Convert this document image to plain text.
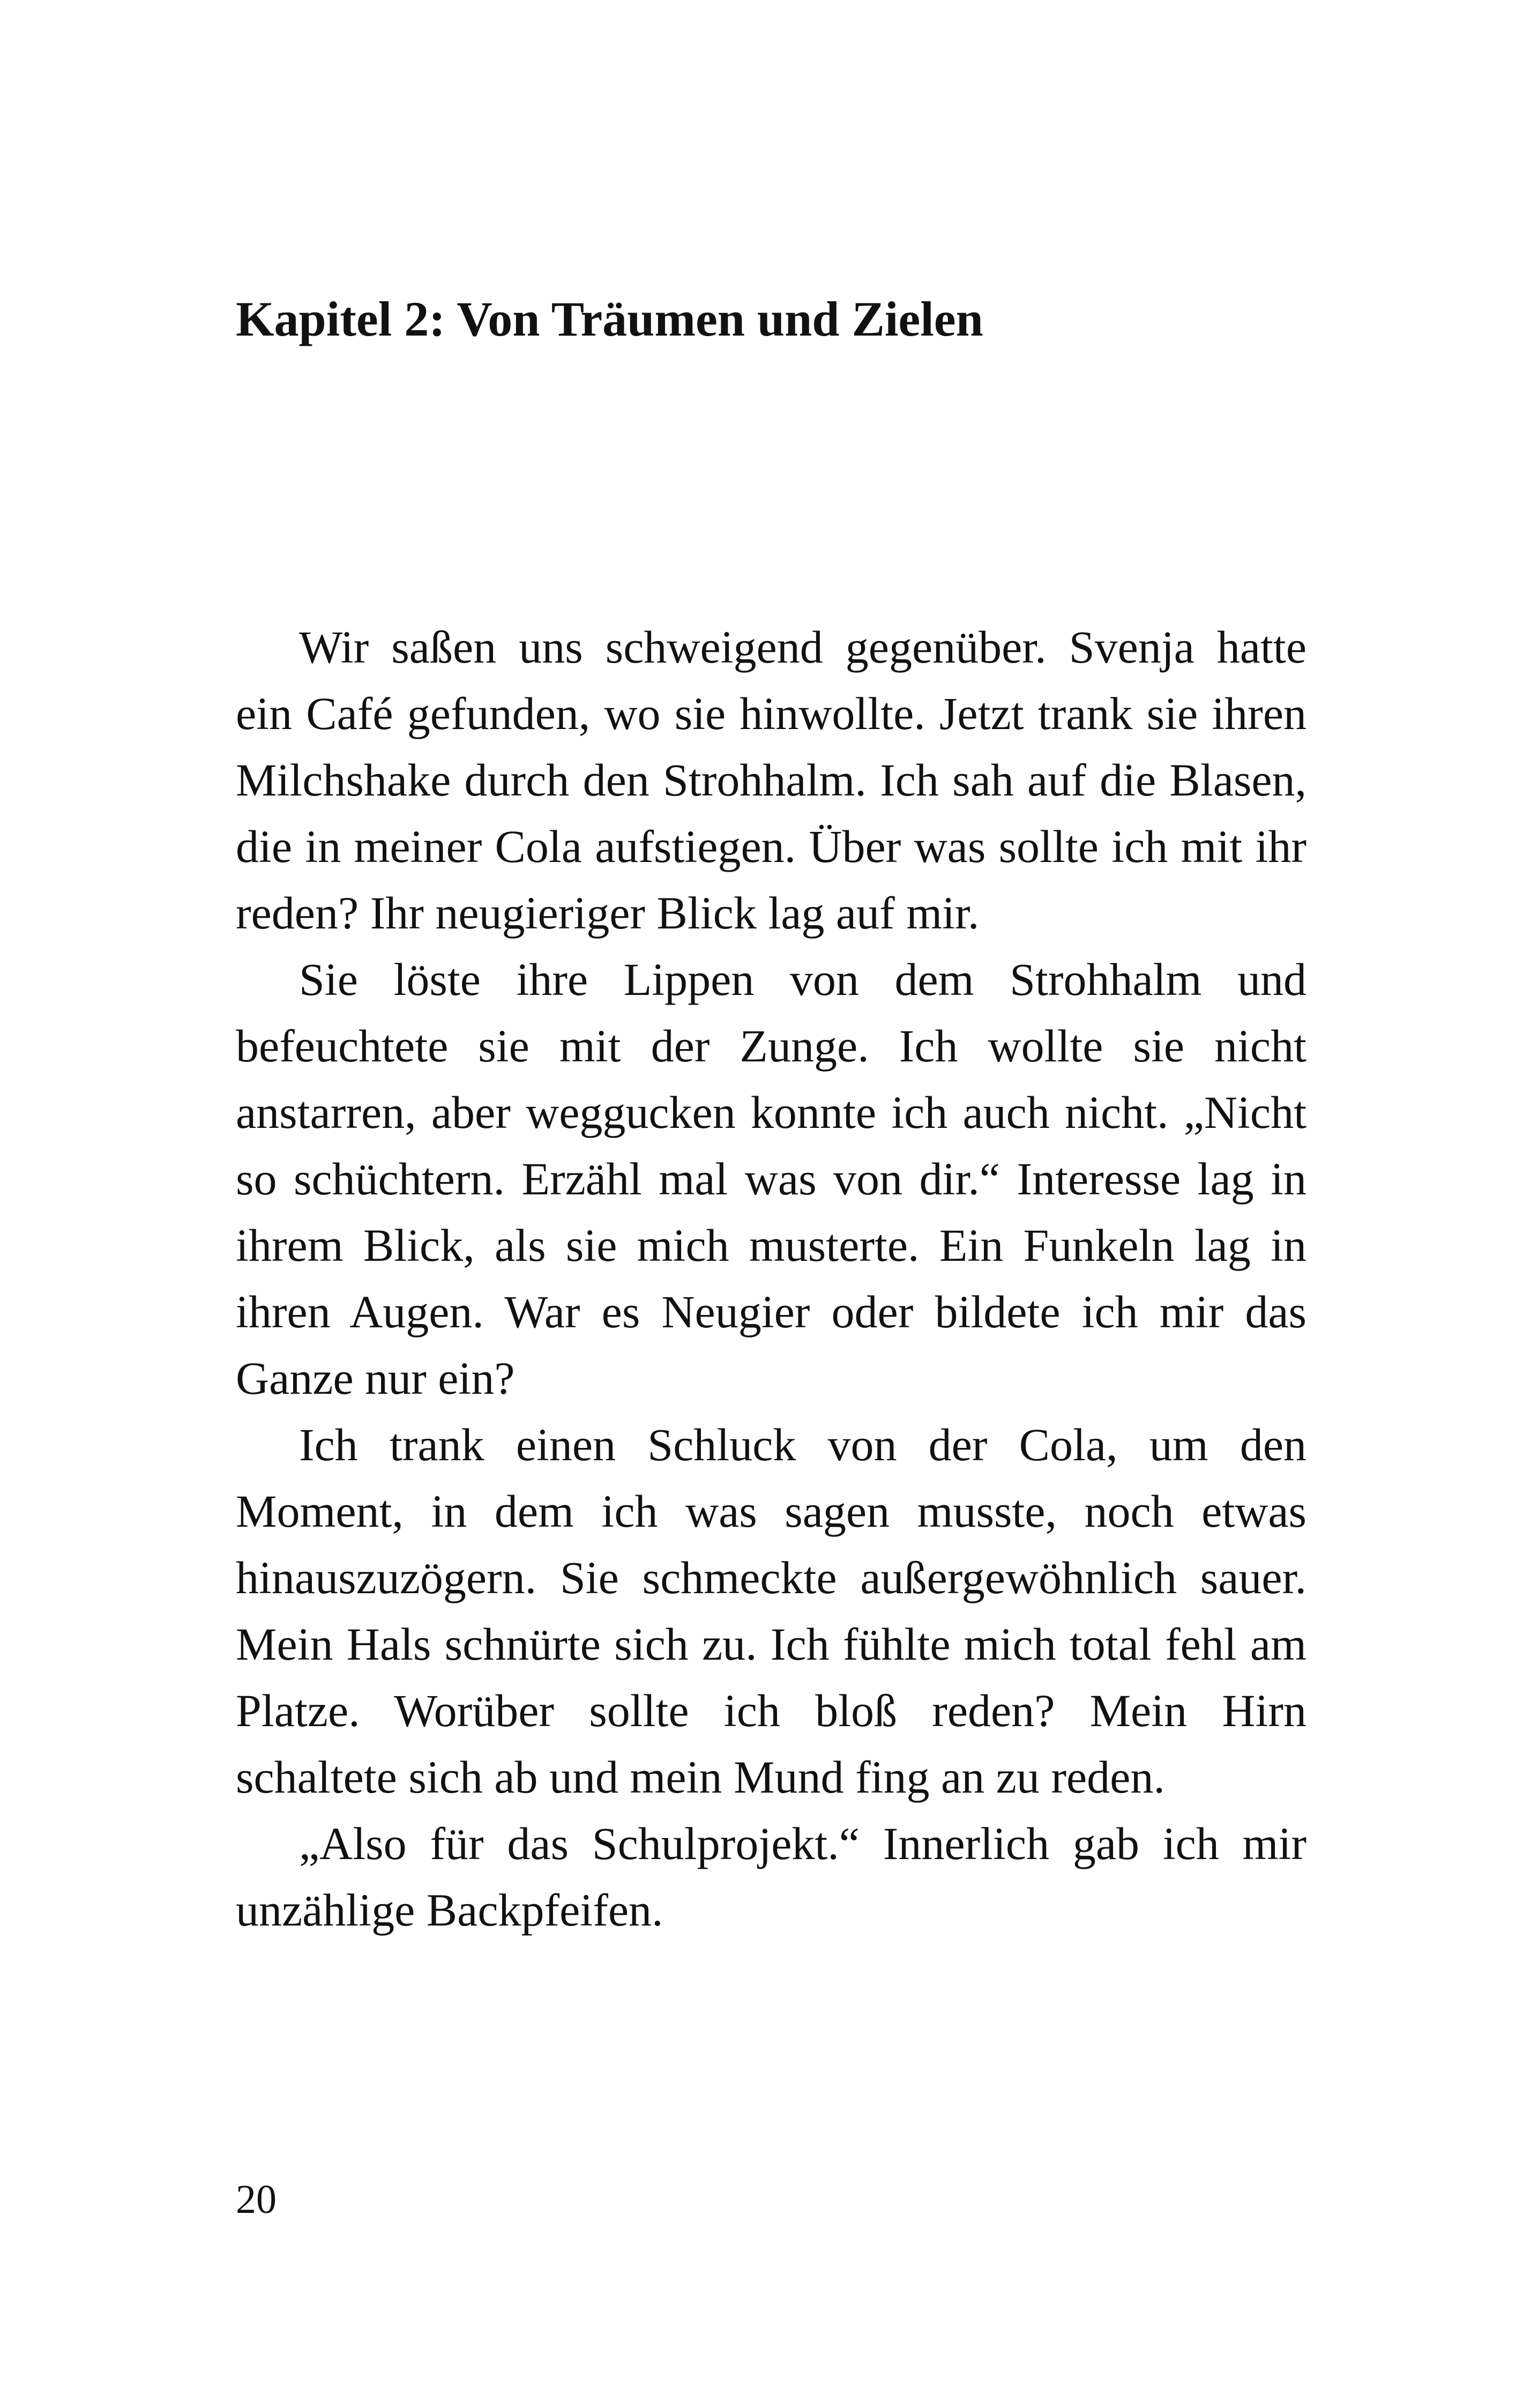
Kapitel 2: Von Träumen und Zielen

Wir saßen uns schweigend gegenüber. Svenja hatte ein Café gefunden, wo sie hinwollte. Jetzt trank sie ihren Milchshake durch den Strohhalm. Ich sah auf die Blasen, die in meiner Cola aufstiegen. Über was sollte ich mit ihr reden? Ihr neugieriger Blick lag auf mir.

Sie löste ihre Lippen von dem Strohhalm und befeuchtete sie mit der Zunge. Ich wollte sie nicht anstarren, aber weggucken konnte ich auch nicht. „Nicht so schüchtern. Erzähl mal was von dir.“ Interesse lag in ihrem Blick, als sie mich musterte. Ein Funkeln lag in ihren Augen. War es Neugier oder bildete ich mir das Ganze nur ein?

Ich trank einen Schluck von der Cola, um den Moment, in dem ich was sagen musste, noch etwas hinauszuzögern. Sie schmeckte außergewöhnlich sauer. Mein Hals schnürte sich zu. Ich fühlte mich total fehl am Platze. Worüber sollte ich bloß reden? Mein Hirn schaltete sich ab und mein Mund fing an zu reden.

„Also für das Schulprojekt.“ Innerlich gab ich mir unzählige Backpfeifen.

20
